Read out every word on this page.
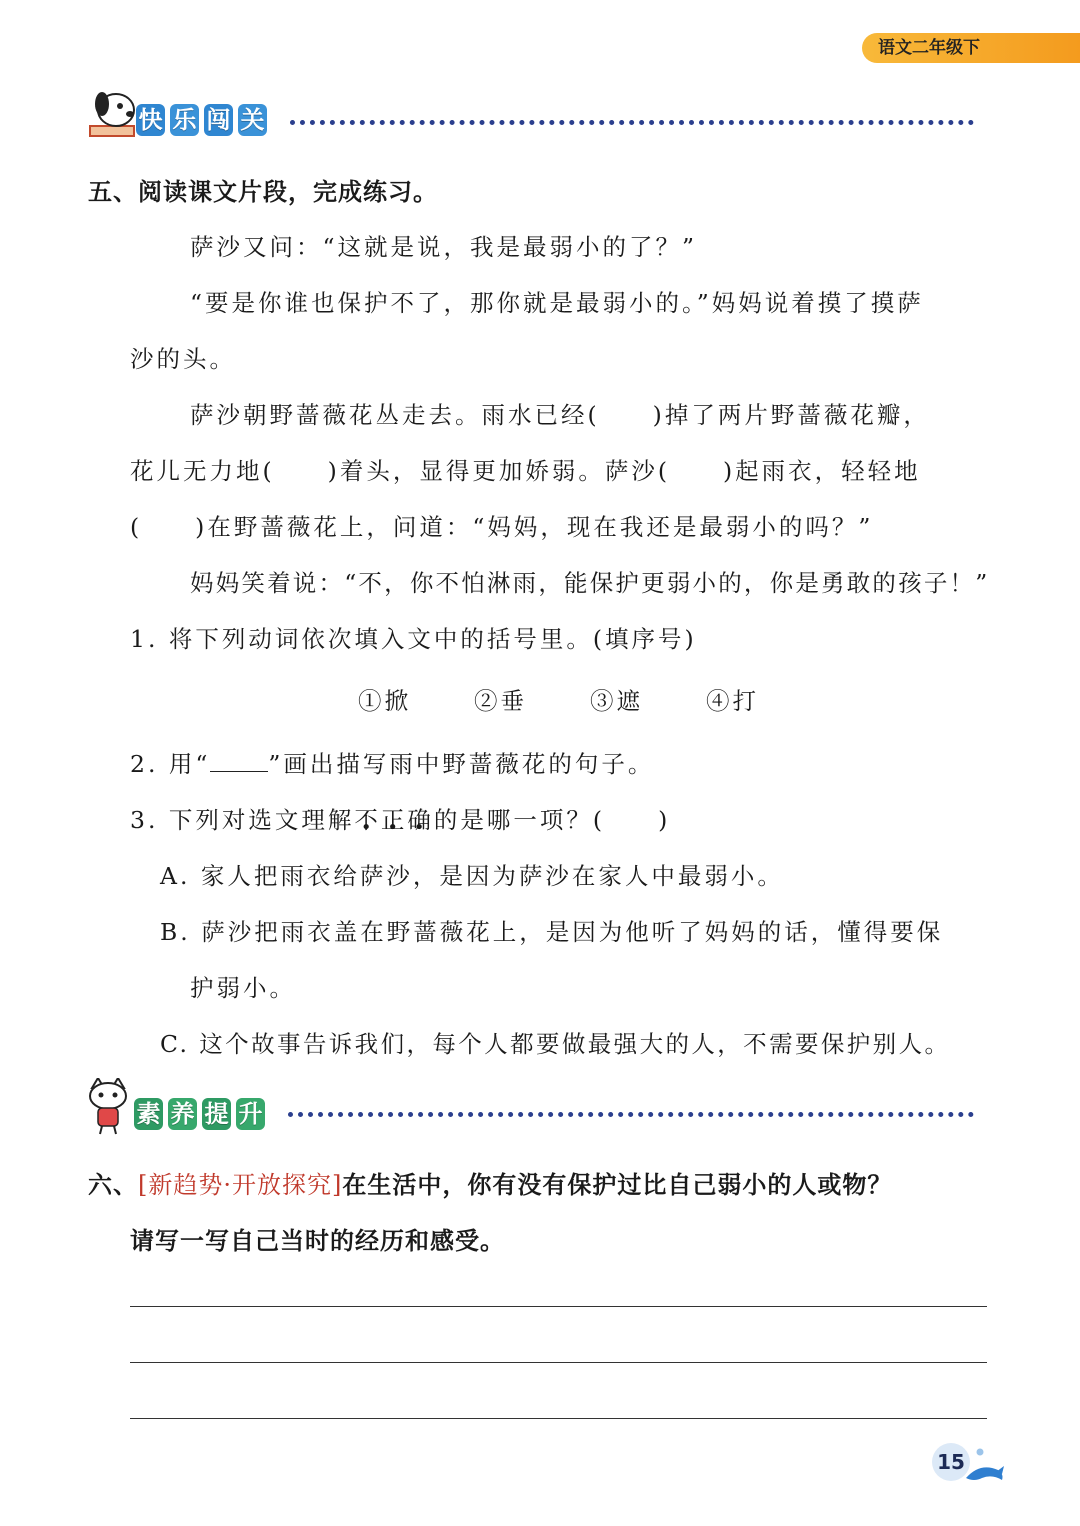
语文二年级下
快 乐 闯 关
五、阅读课文片段，完成练习。
萨沙又问：“这就是说，我是最弱小的了？”
“要是你谁也保护不了，那你就是最弱小的。”妈妈说着摸了摸萨
沙的头。
萨沙朝野蔷薇花丛走去。雨水已经(　　)掉了两片野蔷薇花瓣，
花儿无力地(　　)着头，显得更加娇弱。萨沙(　　)起雨衣，轻轻地
(　　)在野蔷薇花上，问道：“妈妈，现在我还是最弱小的吗？”
妈妈笑着说：“不，你不怕淋雨，能保护更弱小的，你是勇敢的孩子！”
1. 将下列动词依次填入文中的括号里。(填序号)
①掀	②垂	③遮	④打
2. 用“ ”画出描写雨中野蔷薇花的句子。
3. 下列对选文理解不正确的是哪一项？(　　)
A. 家人把雨衣给萨沙，是因为萨沙在家人中最弱小。
B. 萨沙把雨衣盖在野蔷薇花上，是因为他听了妈妈的话，懂得要保
护弱小。
C. 这个故事告诉我们，每个人都要做最强大的人，不需要保护别人。
素 养 提 升
六、[新趋势·开放探究]在生活中，你有没有保护过比自己弱小的人或物？
请写一写自己当时的经历和感受。
15
